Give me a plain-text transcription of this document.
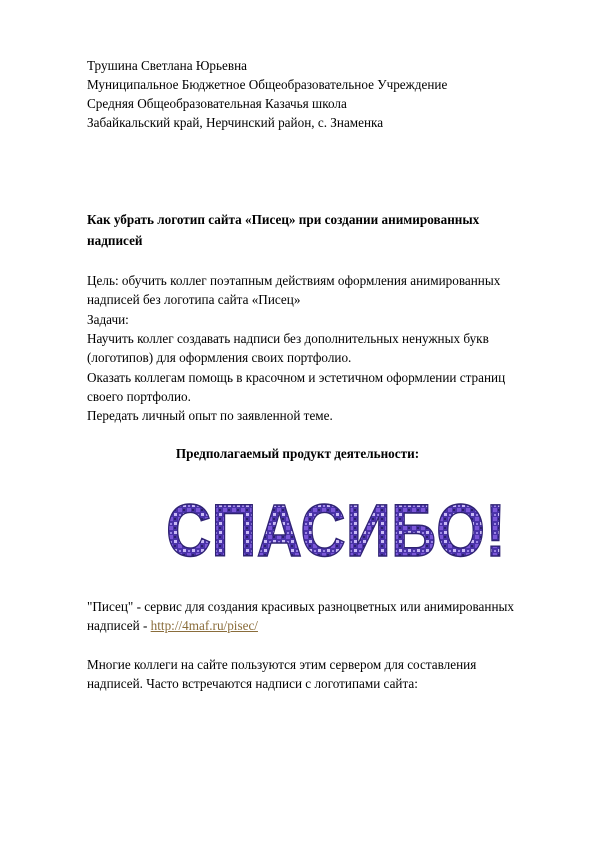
Трушина Светлана Юрьевна
Муниципальное Бюджетное Общеобразовательное Учреждение
Средняя Общеобразовательная Казачья школа
Забайкальский край, Нерчинский район, с. Знаменка
Как убрать логотип сайта «Писец» при создании анимированных
надписей
Цель: обучить коллег поэтапным действиям оформления анимированных
надписей без логотипа сайта «Писец»
Задачи:
Научить коллег создавать надписи без дополнительных ненужных букв
(логотипов) для оформления своих портфолио.
Оказать коллегам помощь в красочном и эстетичном оформлении страниц
своего портфолио.
Передать личный опыт по заявленной теме.
Предполагаемый продукт деятельности:
СПАСИБО!
"Писец" - сервис для создания красивых разноцветных или анимированных
надписей - http://4maf.ru/pisec/
Многие коллеги на сайте пользуются этим сервером для составления
надписей. Часто встречаются надписи с логотипами сайта:
